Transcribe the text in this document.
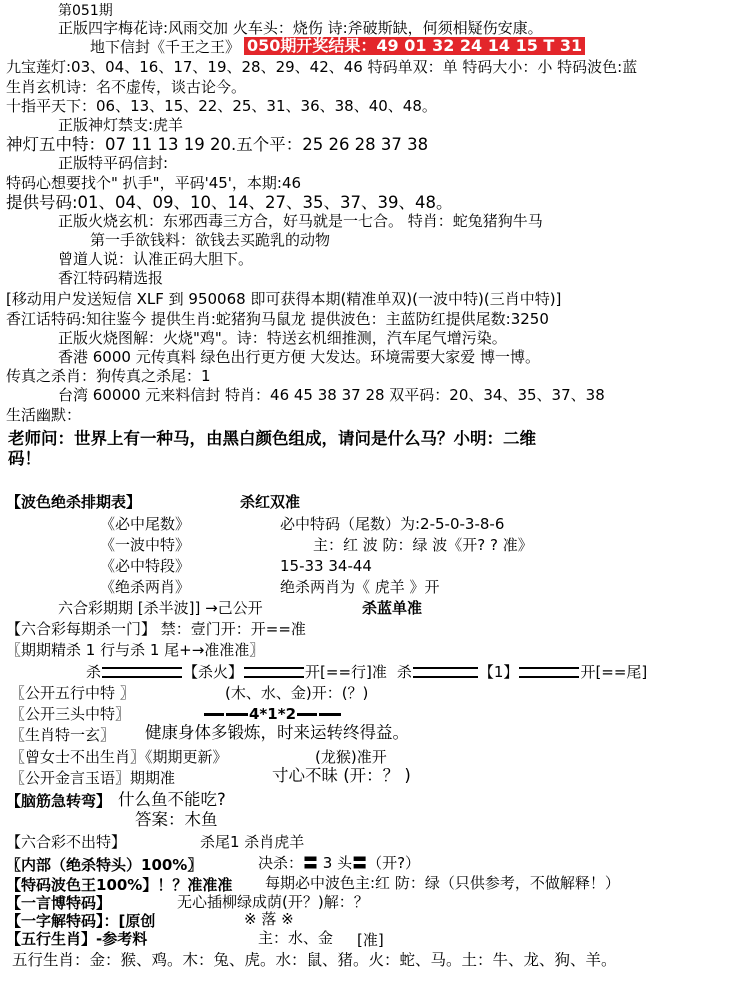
第051期
正版四字梅花诗:风雨交加 火车头：烧伤 诗:斧破斯缺，何须相疑伤安康。
地下信封《千王之王》 050期开奖结果：49 01 32 24 14 15 T 31
九宝莲灯:03、04、16、17、19、28、29、42、46 特码单双：单 特码大小：小 特码波色:蓝
生肖玄机诗：名不虚传，谈古论今。
十指平天下：06、13、15、22、25、31、36、38、40、48。
正版神灯禁支:虎羊
神灯五中特：07 11 13 19 20.五个平：25 26 28 37 38
正版特平码信封:
特码心想要找个" 扒手"，平码'45'，本期:46
提供号码:01、04、09、10、14、27、35、37、39、48。
正版火烧玄机：东邪西毒三方合，好马就是一七合。 特肖：蛇兔猪狗牛马
第一手欲钱料：欲钱去买跪乳的动物
曾道人说：认准正码大胆下。
香江特码精选报
[移动用户发送短信 XLF 到 950068 即可获得本期(精准单双)(一波中特)(三肖中特)]
香江话特码:知往鉴今 提供生肖:蛇猪狗马鼠龙 提供波色：主蓝防红提供尾数:3250
正版火烧图解：火烧"鸡"。诗：特送玄机细推测，汽车尾气增污染。
香港 6000 元传真料 绿色出行更方便 大发达。环境需要大家爱 博一博。
传真之杀肖：狗传真之杀尾：1
台湾 60000 元来料信封 特肖：46 45 38 37 28 双平码：20、34、35、37、38
生活幽默：
老师问：世界上有一种马，由黑白颜色组成，请问是什么马？小明：二维
码！
【波色绝杀排期表】	杀红双准
《必中尾数》	必中特码（尾数）为:2-5-0-3-8-6
《一波中特》	主：红 波 防：绿 波《开? ? 准》
《必中特段》	15-33 34-44
《绝杀两肖》	绝杀两肖为《 虎羊 》开
六合彩期期 [杀半波]] →己公开	杀蓝单准
【六合彩每期杀一门】 禁：壹门开：开==准
〖期期精杀 1 行与杀 1 尾+→准准准〗
杀	【杀火】	开[==行]准 杀	【1】	开[==尾]
〖公开五行中特 〗	(木、水、金)开：(？)
〖公开三头中特〗	4*1*2
〖生肖特一玄〗 健康身体多锻炼，时来运转终得益。
〖曾女士不出生肖〗《期期更新》	(龙猴)准开
〖公开金言玉语〗期期准	寸心不昧 (开：？ )
【脑筋急转弯】 什么鱼不能吃?
答案：木鱼
【六合彩不出特】	杀尾1 杀肖虎羊
〖内部（绝杀特头）100%〗	决杀：〓 3 头〓（开?）
【特码波色王100%】！？准准准 每期必中波色主:红 防：绿（只供参考，不做解释！）
【一言博特码】	无心插柳绿成荫(开？)解：？
【一字解特码】：[原创	※ 落 ※
【五行生肖】-参考料	主：水、金 [准]
五行生肖：金：猴、鸡。木：兔、虎。水：鼠、猪。火：蛇、马。土：牛、龙、狗、羊。
